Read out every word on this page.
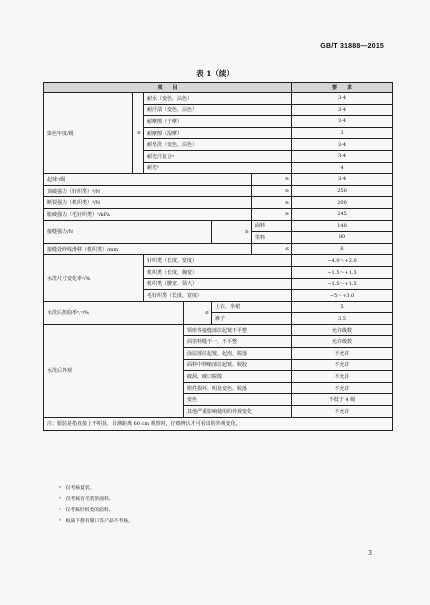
GB/T 31888—2015
表 1（续）
项　　目						要　　求
染色牢度/级	≥	耐水（变色、沾色）				3-4
		耐汗渍（变色、沾色）				3-4
		耐摩擦（干摩）				3-4
		耐摩擦（湿摩）				3
		耐皂洗（变色、沾色）				3-4
		耐光汗复合ᵃ				3-4
		耐光ᵇ				4
起球ᶜ/级					≥	3-4
顶破强力（针织类）ᵈ/N					≥	250
断裂强力（机织类）ᵈ/N					≥	200
胀破强力（毛针织类）ᵈ/kPa					≥	245
接缝强力/N				≥	面料	140
					里料	80
接缝处纱线滑移（机织类）/mm					≤	6
水洗尺寸变化率ᵉ/%		针织类（长度、宽度）				−4.0～+2.0
		机织类（长度、胸宽）				−1.5～+1.5
		机织类（腰宽、领大）				−1.5～+1.5
		毛针织类（长度、宽度）				−5～+3.0
水洗后扭曲率ᵃ,ᵉ/%			≤	上衣、伞裙		5
				裤子		3.5
水洗后外观			领座等接缝部位起皱不平整			允许级数
			面里料缝不一，不平整			允许级数
			涂层部位起皱、起泡、脱落			不允许
			面料中伸缩部位起皱、脱胶			不允许
			破洞、破口脱散			不允许
			附件损坏、明显变色、脱落			不允许
			变色			不低于 4 级
			其他严重影响使用的外观变化			不允许
注：服装是指直接上不明显，目测距离 60 cm 观察时，仔细辨认才可看出的外观变化。						
ᵃ　仅考核夏装。
ᵇ　仅考核有毛装的面料。
ᶜ　仅考核针织类的面料。
ᵈ　纸质下摆有铺口等产品不考核。
3
